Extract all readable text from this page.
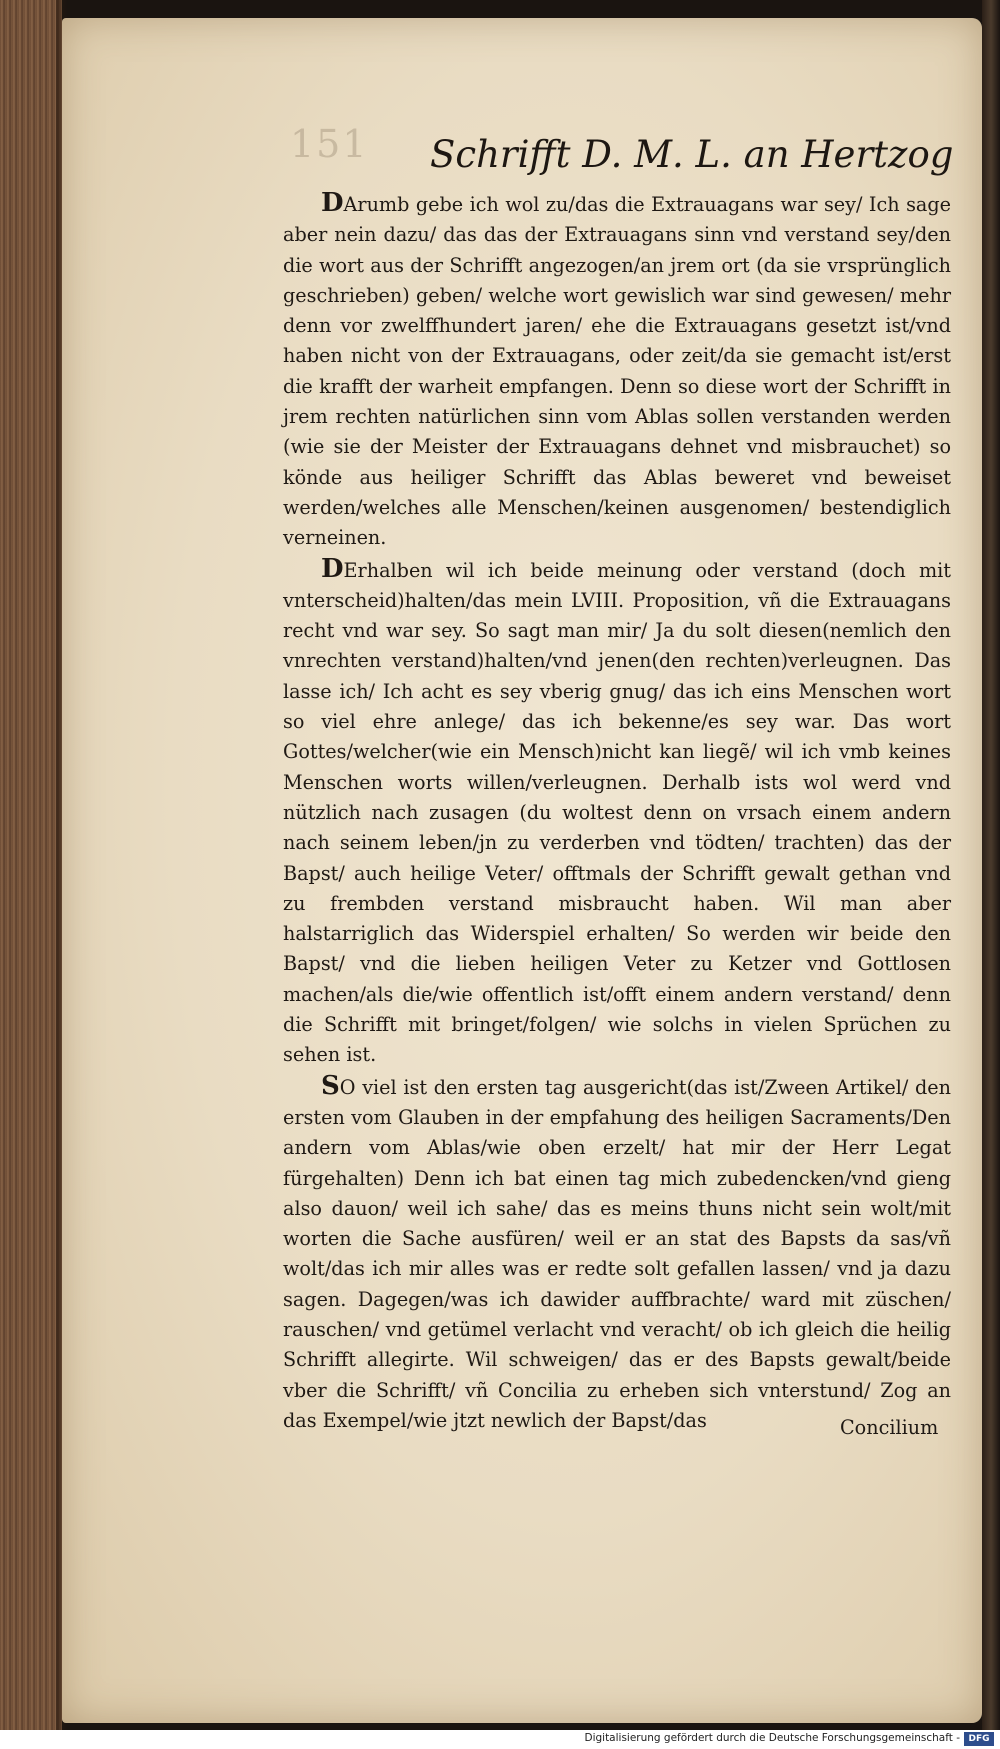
151 Schrifft D. M. L. an Hertzog

DArumb gebe ich wol zu/das die Extrauagans war sey/ Ich sage aber nein dazu/ das das der Extrauagans sinn vnd verstand sey/den die wort aus der Schrifft angezogen/an jrem ort (da sie vrsprünglich geschrieben) geben/ welche wort gewislich war sind gewesen/ mehr denn vor zwelffhundert jaren/ ehe die Extrauagans gesetzt ist/vnd haben nicht von der Extrauagans, oder zeit/da sie gemacht ist/erst die krafft der warheit empfangen. Denn so diese wort der Schrifft in jrem rechten natürlichen sinn vom Ablas sollen verstanden werden (wie sie der Meister der Extrauagans dehnet vnd misbrauchet) so könde aus heiliger Schrifft das Ablas beweret vnd beweiset werden/welches alle Menschen/keinen ausgenomen/ bestendiglich verneinen.

DErhalben wil ich beide meinung oder verstand (doch mit vnterscheid)halten/das mein LVIII. Proposition, vñ die Extrauagans recht vnd war sey. So sagt man mir/ Ja du solt diesen(nemlich den vnrechten verstand)halten/vnd jenen(den rechten)verleugnen. Das lasse ich/ Ich acht es sey vberig gnug/ das ich eins Menschen wort so viel ehre anlege/ das ich bekenne/es sey war. Das wort Gottes/welcher(wie ein Mensch)nicht kan liegẽ/ wil ich vmb keines Menschen worts willen/verleugnen. Derhalb ists wol werd vnd nützlich nach zusagen (du woltest denn on vrsach einem andern nach seinem leben/jn zu verderben vnd tödten/ trachten) das der Bapst/ auch heilige Veter/ offtmals der Schrifft gewalt gethan vnd zu frembden verstand misbraucht haben. Wil man aber halstarriglich das Widerspiel erhalten/ So werden wir beide den Bapst/ vnd die lieben heiligen Veter zu Ketzer vnd Gottlosen machen/als die/wie offentlich ist/offt einem andern verstand/ denn die Schrifft mit bringet/folgen/ wie solchs in vielen Sprüchen zu sehen ist.

SO viel ist den ersten tag ausgericht(das ist/Zween Artikel/ den ersten vom Glauben in der empfahung des heiligen Sacraments/Den andern vom Ablas/wie oben erzelt/ hat mir der Herr Legat fürgehalten) Denn ich bat einen tag mich zubedencken/vnd gieng also dauon/ weil ich sahe/ das es meins thuns nicht sein wolt/mit worten die Sache ausfüren/ weil er an stat des Bapsts da sas/vñ wolt/das ich mir alles was er redte solt gefallen lassen/ vnd ja dazu sagen. Dagegen/was ich dawider auffbrachte/ ward mit züschen/ rauschen/ vnd getümel verlacht vnd veracht/ ob ich gleich die heilig Schrifft allegirte. Wil schweigen/ das er des Bapsts gewalt/beide vber die Schrifft/ vñ Concilia zu erheben sich vnterstund/ Zog an das Exempel/wie jtzt newlich der Bapst/das	Concilium
Digitalisierung gefördert durch die Deutsche Forschungsgemeinschaft - DFG
